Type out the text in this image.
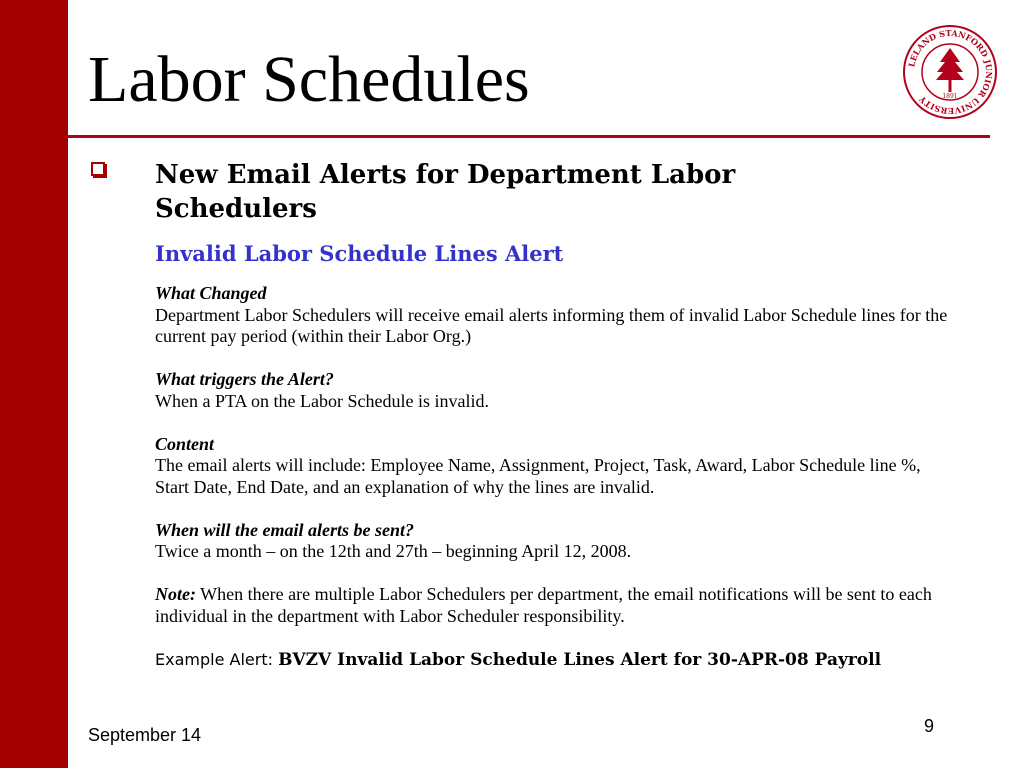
Labor Schedules	LELAND STANFORD JUNIOR UNIVERSITY	1891
New Email Alerts for Department Labor Schedulers
Invalid Labor Schedule Lines Alert

What Changed
Department Labor Schedulers will receive email alerts informing them of invalid Labor Schedule lines for the current pay period (within their Labor Org.)

What triggers the Alert?
When a PTA on the Labor Schedule is invalid.

Content
The email alerts will include: Employee Name, Assignment, Project, Task, Award, Labor Schedule line %, Start Date, End Date, and an explanation of why the lines are invalid.

When will the email alerts be sent?
Twice a month – on the 12th and 27th – beginning April 12, 2008.

Note: When there are multiple Labor Schedulers per department, the email notifications will be sent to each individual in the department with Labor Scheduler responsibility.

Example Alert: BVZV Invalid Labor Schedule Lines Alert for 30-APR-08 Payroll

September 14	9
